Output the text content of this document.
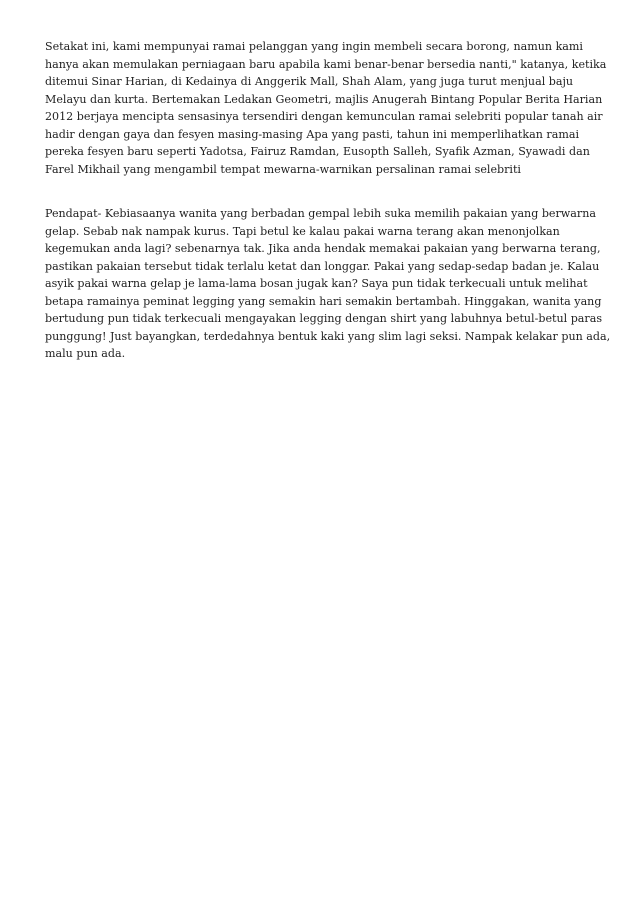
Setakat ini, kami mempunyai ramai pelanggan yang ingin membeli secara borong, namun kami
hanya akan memulakan perniagaan baru apabila kami benar-benar bersedia nanti," katanya, ketika
ditemui Sinar Harian, di Kedainya di Anggerik Mall, Shah Alam, yang juga turut menjual baju
Melayu dan kurta. Bertemakan Ledakan Geometri, majlis Anugerah Bintang Popular Berita Harian
2012 berjaya mencipta sensasinya tersendiri dengan kemunculan ramai selebriti popular tanah air
hadir dengan gaya dan fesyen masing-masing Apa yang pasti, tahun ini memperlihatkan ramai
pereka fesyen baru seperti Yadotsa, Fairuz Ramdan, Eusopth Salleh, Syafik Azman, Syawadi dan
Farel Mikhail yang mengambil tempat mewarna-warnikan persalinan ramai selebriti

Pendapat- Kebiasaanya wanita yang berbadan gempal lebih suka memilih pakaian yang berwarna
gelap. Sebab nak nampak kurus. Tapi betul ke kalau pakai warna terang akan menonjolkan
kegemukan anda lagi? sebenarnya tak. Jika anda hendak memakai pakaian yang berwarna terang,
pastikan pakaian tersebut tidak terlalu ketat dan longgar. Pakai yang sedap-sedap badan je. Kalau
asyik pakai warna gelap je lama-lama bosan jugak kan? Saya pun tidak terkecuali untuk melihat
betapa ramainya peminat legging yang semakin hari semakin bertambah. Hinggakan, wanita yang
bertudung pun tidak terkecuali mengayakan legging dengan shirt yang labuhnya betul-betul paras
punggung! Just bayangkan, terdedahnya bentuk kaki yang slim lagi seksi. Nampak kelakar pun ada,
malu pun ada.
